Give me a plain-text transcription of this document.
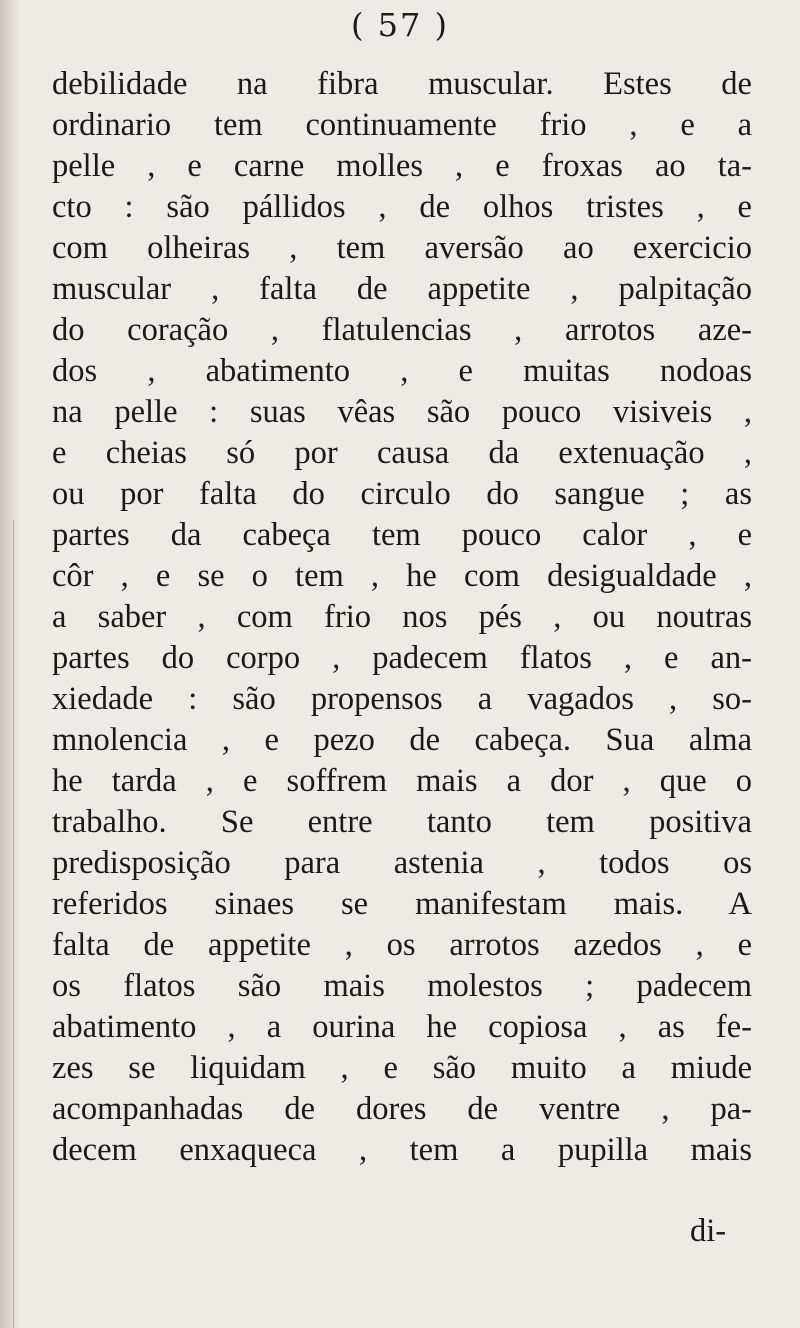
( 57 )
debilidade na fibra muscular. Estes de
ordinario tem continuamente frio , e a
pelle , e carne molles , e froxas ao ta-
cto : são pállidos , de olhos tristes , e
com olheiras , tem aversão ao exercicio
muscular , falta de appetite , palpitação
do coração , flatulencias , arrotos aze-
dos , abatimento , e muitas nodoas
na pelle : suas vêas são pouco visiveis ,
e cheias só por causa da extenuação ,
ou por falta do circulo do sangue ; as
partes da cabeça tem pouco calor , e
côr , e se o tem , he com desigualdade ,
a saber , com frio nos pés , ou noutras
partes do corpo , padecem flatos , e an-
xiedade : são propensos a vagados , so-
mnolencia , e pezo de cabeça. Sua alma
he tarda , e soffrem mais a dor , que o
trabalho. Se entre tanto tem positiva
predisposição para astenia , todos os
referidos sinaes se manifestam mais. A
falta de appetite , os arrotos azedos , e
os flatos são mais molestos ; padecem
abatimento , a ourina he copiosa , as fe-
zes se liquidam , e são muito a miude
acompanhadas de dores de ventre , pa-
decem enxaqueca , tem a pupilla mais
di-
